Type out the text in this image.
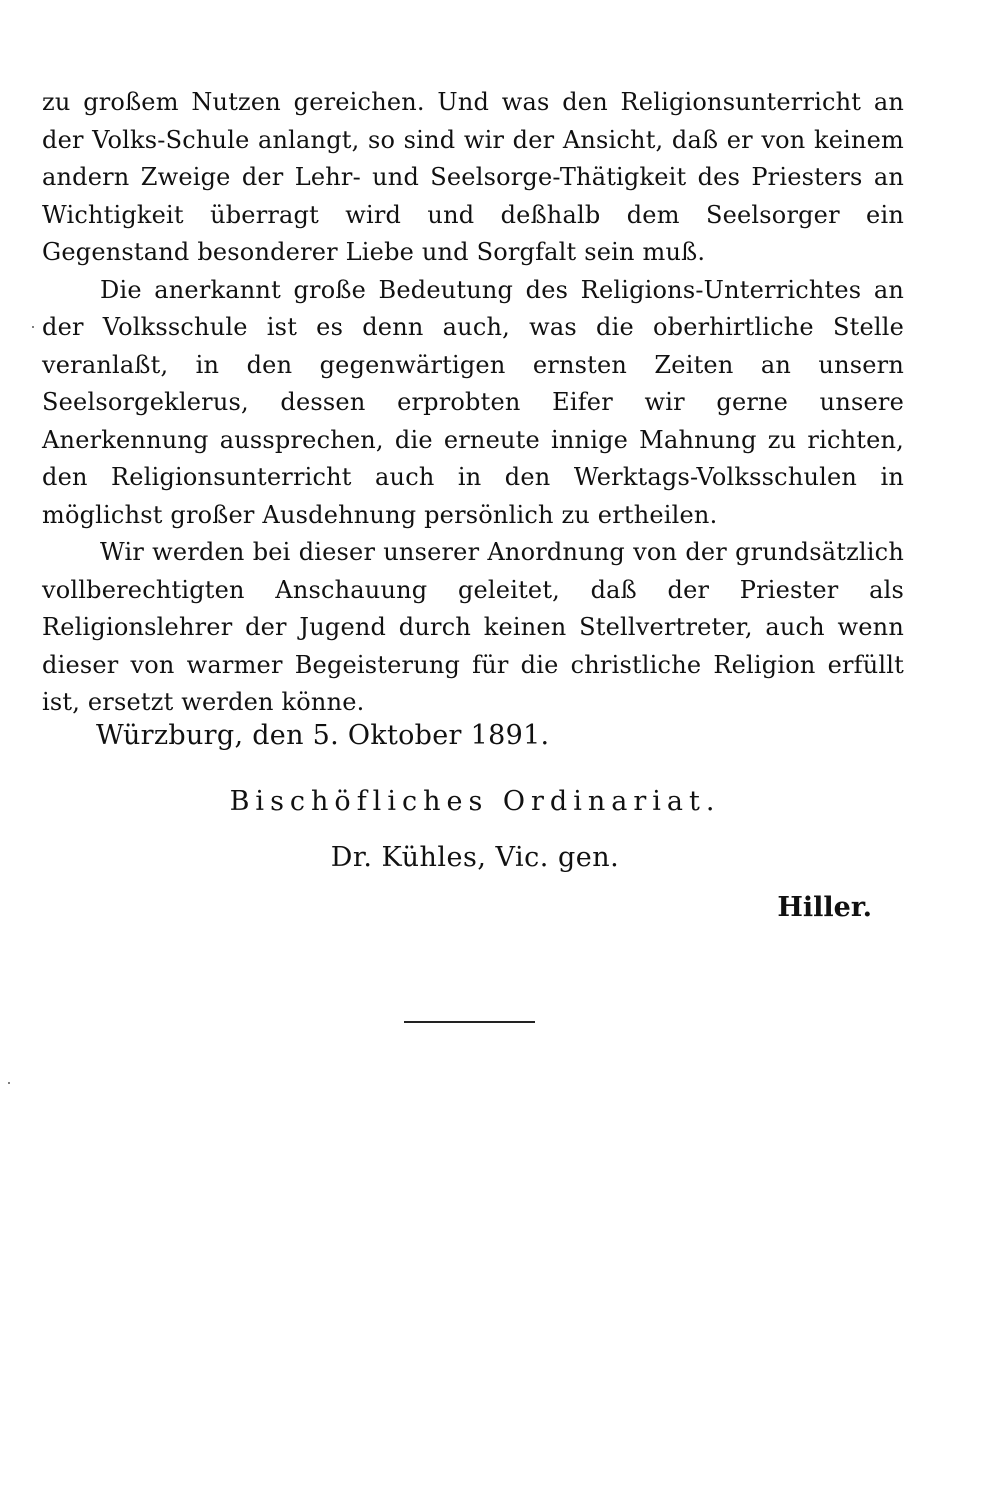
zu großem Nutzen gereichen. Und was den Religionsunterricht an der Volks-Schule anlangt, so sind wir der Ansicht, daß er von keinem andern Zweige der Lehr- und Seelsorge-Thätigkeit des Priesters an Wichtigkeit überragt wird und deßhalb dem Seelsorger ein Gegenstand besonderer Liebe und Sorgfalt sein muß.

Die anerkannt große Bedeutung des Religions-Unterrichtes an der Volksschule ist es denn auch, was die oberhirtliche Stelle veranlaßt, in den gegenwärtigen ernsten Zeiten an unsern Seelsorgeklerus, dessen erprobten Eifer wir gerne unsere Anerkennung aussprechen, die erneute innige Mahnung zu richten, den Religionsunterricht auch in den Werktags-Volksschulen in möglichst großer Ausdehnung persönlich zu ertheilen.

Wir werden bei dieser unserer Anordnung von der grundsätzlich vollberechtigten Anschauung geleitet, daß der Priester als Religionslehrer der Jugend durch keinen Stellvertreter, auch wenn dieser von warmer Begeisterung für die christliche Religion erfüllt ist, ersetzt werden könne.

Würzburg, den 5. Oktober 1891.
Bischöfliches Ordinariat.
Dr. Kühles, Vic. gen.
Hiller.
